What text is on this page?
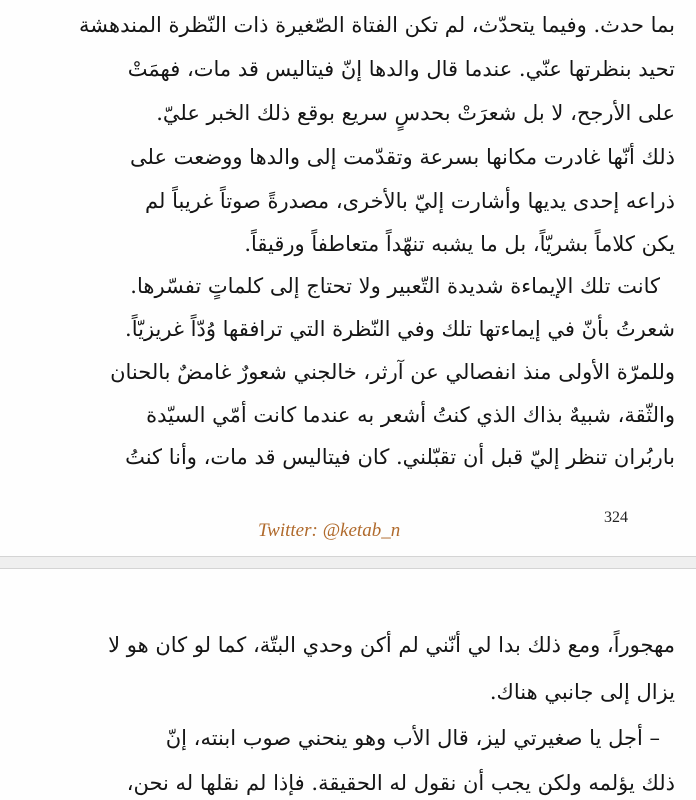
بما حدث. وفيما يتحدّث، لم تكن الفتاة الصّغيرة ذات النّظرة المندهشة
تحيد بنظرتها عنّي. عندما قال والدها إنّ فيتاليس قد مات، فهمَتْ
على الأرجح، لا بل شعرَتْ بحدسٍ سريع بوقع ذلك الخبر عليّ.
ذلك أنّها غادرت مكانها بسرعة وتقدّمت إلى والدها ووضعت على
ذراعه إحدى يديها وأشارت إليّ بالأخرى، مصدرةً صوتاً غريباً لم
يكن كلاماً بشريّاً، بل ما يشبه تنهّداً متعاطفاً ورقيقاً.
كانت تلك الإيماءة شديدة التّعبير ولا تحتاج إلى كلماتٍ تفسّرها.
شعرتُ بأنّ في إيماءتها تلك وفي النّظرة التي ترافقها وُدّاً غريزيّاً.
وللمرّة الأولى منذ انفصالي عن آرثر، خالجني شعورٌ غامضٌ بالحنان
والثّقة، شبيهٌ بذاك الذي كنتُ أشعر به عندما كانت أمّي السيّدة
باربُران تنظر إليّ قبل أن تقبّلني. كان فيتاليس قد مات، وأنا كنتُ
324
Twitter: @ketab_n
مهجوراً، ومع ذلك بدا لي أنّني لم أكن وحدي البتّة، كما لو كان هو لا
يزال إلى جانبي هناك.
– أجل يا صغيرتي ليز، قال الأب وهو ينحني صوب ابنته، إنّ
ذلك يؤلمه ولكن يجب أن نقول له الحقيقة. فإذا لم نقلها له نحن،
